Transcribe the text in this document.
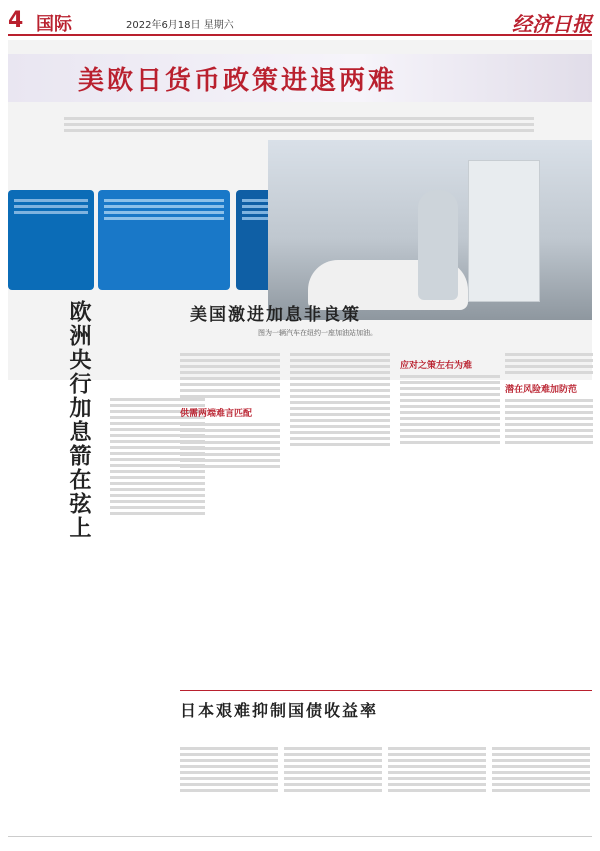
4 国际	2022年6月18日 星期六	经济日报
美欧日货币政策进退两难
图为一辆汽车在纽约一座加油站加油。
欧洲央行加息箭在弦上	美国激进加息非良策
供需两端难言匹配
应对之策左右为难
潜在风险难加防范
日本艰难抑制国债收益率
